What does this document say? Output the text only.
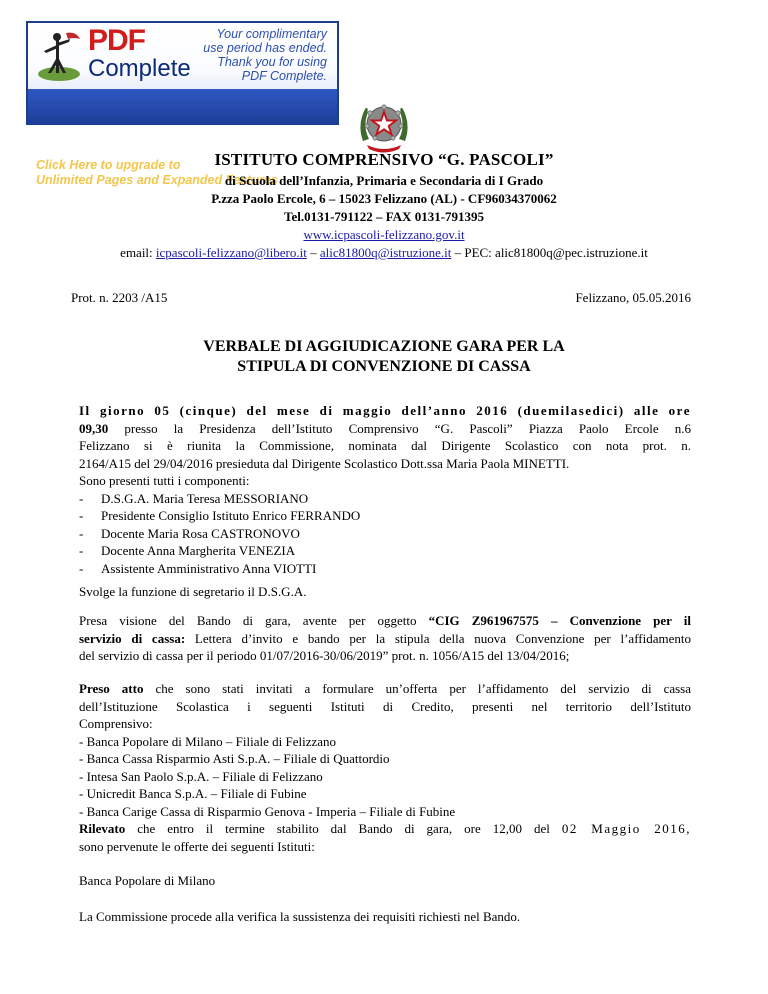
PDF
Complete
Your complimentary
use period has ended.
Thank you for using
PDF Complete.
Click Here to upgrade to
Unlimited Pages and Expanded Features
ISTITUTO COMPRENSIVO “G. PASCOLI”
di Scuola dell’Infanzia, Primaria e Secondaria di I Grado
P.zza Paolo Ercole, 6 – 15023 Felizzano (AL) - CF96034370062
Tel.0131-791122 – FAX 0131-791395
www.icpascoli-felizzano.gov.it
email: icpascoli-felizzano@libero.it – alic81800q@istruzione.it – PEC: alic81800q@pec.istruzione.it
Prot. n. 2203 /A15	Felizzano, 05.05.2016
VERBALE DI AGGIUDICAZIONE GARA PER LA
STIPULA DI CONVENZIONE DI CASSA
Il giorno 05 (cinque) del mese di maggio dell’anno 2016 (duemilasedici) alle ore
09,30 presso la Presidenza dell’Istituto Comprensivo “G. Pascoli” Piazza Paolo Ercole n.6
Felizzano si è riunita la Commissione, nominata dal Dirigente Scolastico con nota prot. n.
2164/A15 del 29/04/2016 presieduta dal Dirigente Scolastico Dott.ssa Maria Paola MINETTI.
Sono presenti tutti i componenti:
- D.S.G.A. Maria Teresa MESSORIANO
- Presidente Consiglio Istituto Enrico FERRANDO
- Docente Maria Rosa CASTRONOVO
- Docente Anna Margherita VENEZIA
- Assistente Amministrativo Anna VIOTTI
Svolge la funzione di segretario il D.S.G.A.
Presa visione del Bando di gara, avente per oggetto “CIG Z961967575 – Convenzione per il
servizio di cassa: Lettera d’invito e bando per la stipula della nuova Convenzione per l’affidamento
del servizio di cassa per il periodo 01/07/2016-30/06/2019” prot. n. 1056/A15 del 13/04/2016;
Preso atto che sono stati invitati a formulare un’offerta per l’affidamento del servizio di cassa
dell’Istituzione Scolastica i seguenti Istituti di Credito, presenti nel territorio dell’Istituto
Comprensivo:
- Banca Popolare di Milano – Filiale di Felizzano
- Banca Cassa Risparmio Asti S.p.A. – Filiale di Quattordio
- Intesa San Paolo S.p.A. – Filiale di Felizzano
- Unicredit Banca S.p.A. – Filiale di Fubine
- Banca Carige Cassa di Risparmio Genova - Imperia – Filiale di Fubine
Rilevato che entro il termine stabilito dal Bando di gara, ore 12,00 del 02 Maggio 2016,
sono pervenute le offerte dei seguenti Istituti:
Banca Popolare di Milano
La Commissione procede alla verifica la sussistenza dei requisiti richiesti nel Bando.
